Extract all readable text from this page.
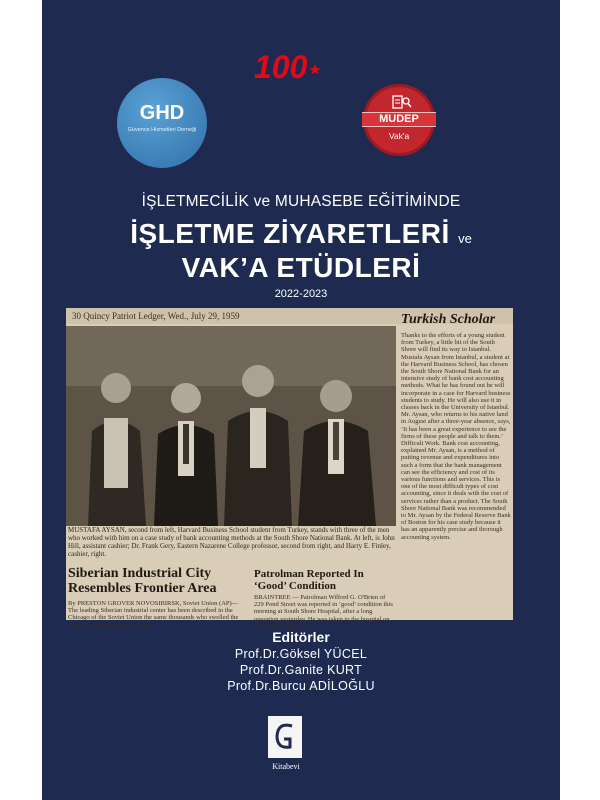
100
GHD
Güvence Hizmetleri Derneği
MUDEP
Vak'a
İŞLETMECİLİK ve MUHASEBE EĞİTİMİNDE
İŞLETME ZİYARETLERİ ve
VAK’A ETÜDLERİ
2022-2023
30 Quincy Patriot Ledger, Wed., July 29, 1959	Turkish Scholar
MUSTAFA AYSAN, second from left, Harvard Business School student from Turkey, stands with three of the men who worked with him on a case study of bank accounting methods at the South Shore National Bank. At left, is John Hill, assistant cashier; Dr. Frank Gery, Eastern Nazarene College professor, second from right, and Harry E. Finley, cashier, right.
Siberian Industrial City Resembles Frontier Area
Patrolman Reported In ‘Good’ Condition
By PRESTON GROVER NOVOSIBIRSK, Soviet Union (AP)—The leading Siberian industrial center has been described in the Chicago of the Soviet Union the same thousands who swelled the American party crossed the river.
BRAINTREE — Patrolman Wilfred G. O'Brien of 229 Pond Street was reported in ‘good’ condition this morning at South Shore Hospital, after a long operation yesterday. He was taken to the hospital on July 20 after his long
Thanks to the efforts of a young student from Turkey, a little bit of the South Shore will find its way to Istanbul. Mustafa Aysan from Istanbul, a student at the Harvard Business School, has chosen the South Shore National Bank for an intensive study of bank cost accounting methods. What he has found out he will incorporate in a case for Harvard business students to study. He will also use it in classes back in the University of Istanbul. Mr. Aysan, who returns to his native land in August after a three-year absence, says, ‘It has been a great experience to see the firms of these people and talk to them.’ Difficult Work. Bank cost accounting, explained Mr. Aysan, is a method of putting revenue and expenditures into such a form that the bank management can see the efficiency and cost of its various functions and services. This is one of the most difficult types of cost accounting, since it deals with the cost of services rather than a product. The South Shore National Bank was recommended to Mr. Aysan by the Federal Reserve Bank of Boston for his case study because it has an apparently precise and thorough accounting system.
Editörler
Prof.Dr.Göksel YÜCEL
Prof.Dr.Ganite KURT
Prof.Dr.Burcu ADİLOĞLU
Kitabevi
